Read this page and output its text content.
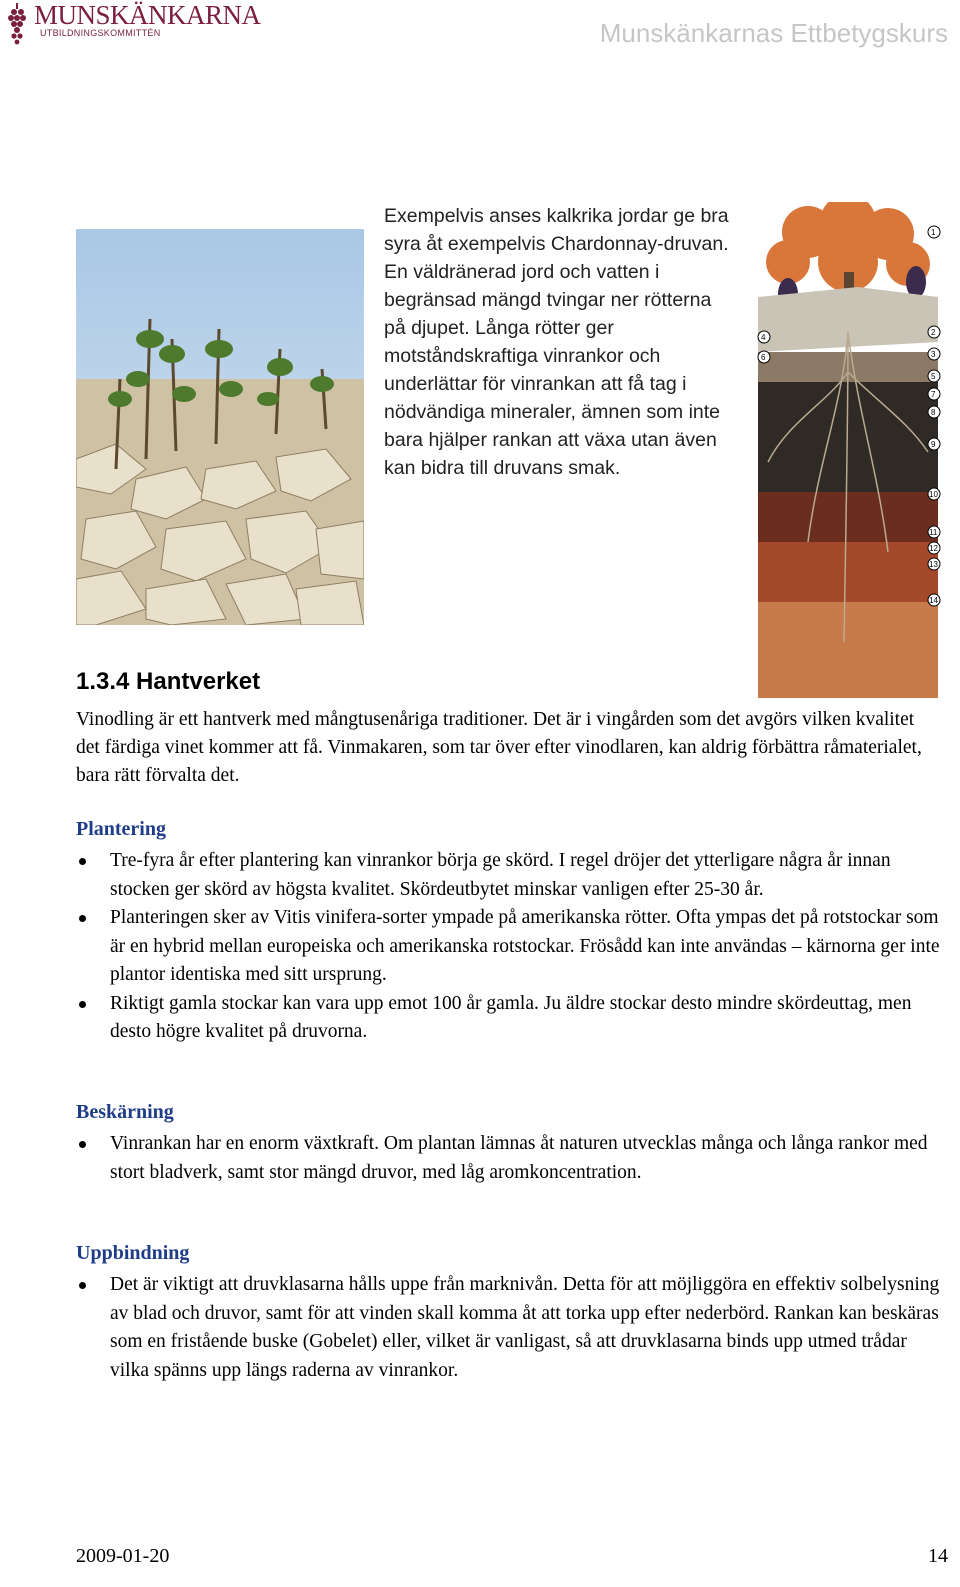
MUNSKÄNKARNA
UTBILDNINGSKOMMITTÉN	Munskänkarnas Ettbetygskurs
Exempelvis anses kalkrika jordar ge bra syra åt exempelvis Chardonnay-druvan. En väldränerad jord och vatten i begränsad mängd tvingar ner rötterna på djupet. Långa rötter ger motståndskraftiga vinrankor och underlättar för vinrankan att få tag i nödvändiga mineraler, ämnen som inte bara hjälper rankan att växa utan även kan bidra till druvans smak.
1
2
3
4
5
6
7
8
9
10
11
12
13
14
1.3.4 Hantverket
Vinodling är ett hantverk med mångtusenåriga traditioner. Det är i vingården som det avgörs vilken kvalitet det färdiga vinet kommer att få. Vinmakaren, som tar över efter vinodlaren, kan aldrig förbättra råmaterialet, bara rätt förvalta det.
Plantering
Tre-fyra år efter plantering kan vinrankor börja ge skörd. I regel dröjer det ytterligare några år innan stocken ger skörd av högsta kvalitet. Skördeutbytet minskar vanligen efter 25-30 år.
Planteringen sker av Vitis vinifera-sorter ympade på amerikanska rötter. Ofta ympas det på rotstockar som är en hybrid mellan europeiska och amerikanska rotstockar. Frösådd kan inte användas – kärnorna ger inte plantor identiska med sitt ursprung.
Riktigt gamla stockar kan vara upp emot 100 år gamla. Ju äldre stockar desto mindre skördeuttag, men desto högre kvalitet på druvorna.
Beskärning
Vinrankan har en enorm växtkraft. Om plantan lämnas åt naturen utvecklas många och långa rankor med stort bladverk, samt stor mängd druvor, med låg aromkoncentration.
Uppbindning
Det är viktigt att druvklasarna hålls uppe från marknivån. Detta för att möjliggöra en effektiv solbelysning av blad och druvor, samt för att vinden skall komma åt att torka upp efter nederbörd. Rankan kan beskäras som en fristående buske (Gobelet) eller, vilket är vanligast, så att druvklasarna binds upp utmed trådar vilka spänns upp längs raderna av vinrankor.
2009-01-20	14
